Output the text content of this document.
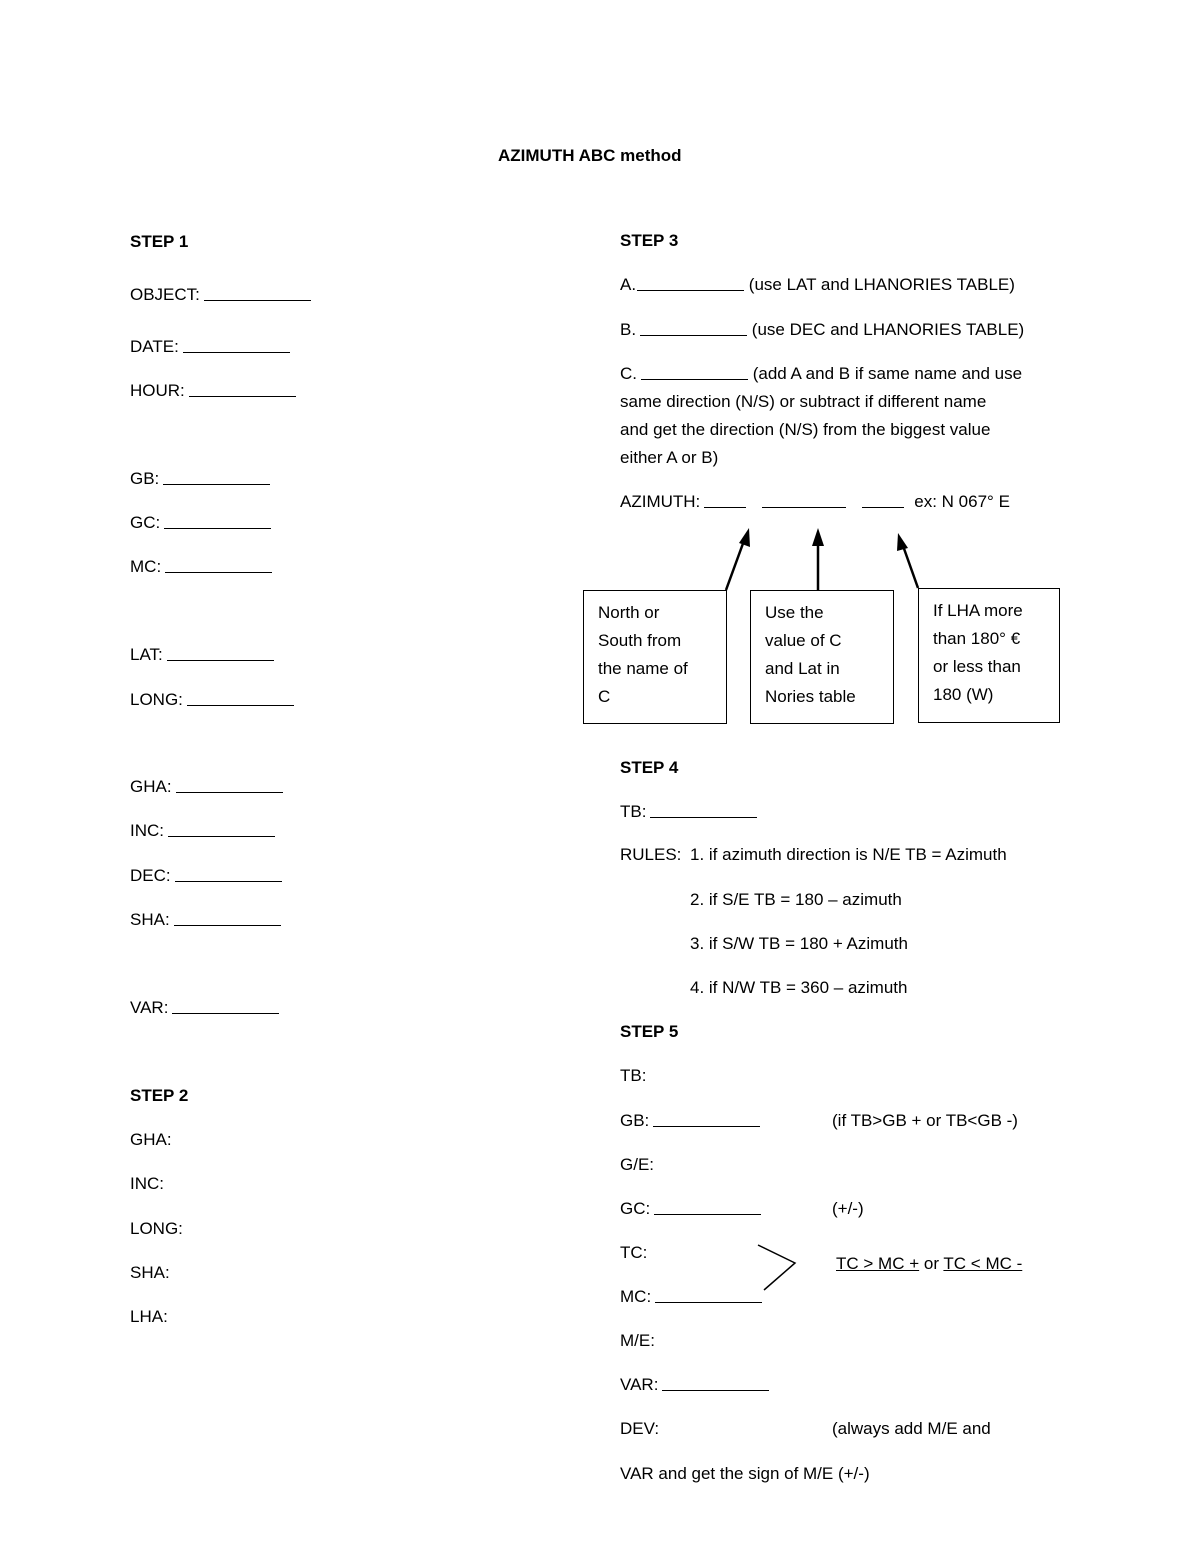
AZIMUTH ABC method
STEP 1
OBJECT:
DATE:
HOUR:
GB:
GC:
MC:
LAT:
LONG:
GHA:
INC:
DEC:
SHA:
VAR:
STEP 2
GHA:
INC:
LONG:
SHA:
LHA:
STEP 3
A.	(use LAT and LHANORIES TABLE)
B.	(use DEC and LHANORIES TABLE)
C.	(add A and B if same name and use
same direction (N/S) or subtract if different name
and get the direction (N/S) from the biggest value
either A or B)
AZIMUTH:	ex: N 067° E
North or
South from
the name of
C
Use the
value of C
and Lat in
Nories table
If LHA more
than 180° €
or less than
180 (W)
STEP 4
TB:
RULES: 1. if azimuth direction is N/E TB = Azimuth
2. if S/E TB = 180 – azimuth
3. if S/W TB = 180 + Azimuth
4. if N/W TB = 360 – azimuth
STEP 5
TB:
GB:	(if TB>GB + or TB<GB -)
G/E:
GC:	(+/-)
TC:
TC > MC + or TC < MC -
MC:
M/E:
VAR:
DEV:	(always add M/E and
VAR and get the sign of M/E (+/-)
